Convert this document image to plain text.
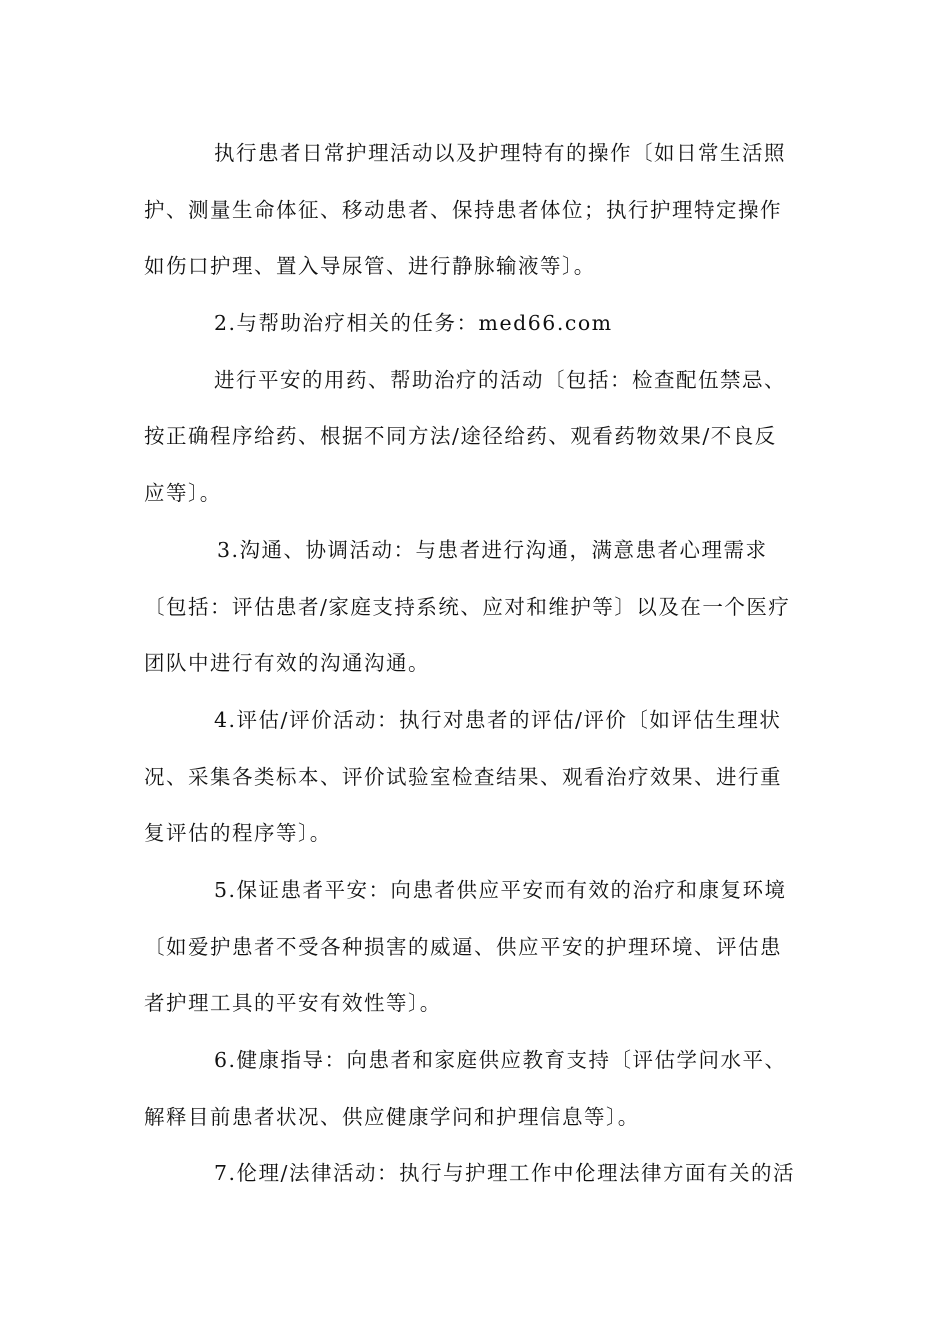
执行患者日常护理活动以及护理特有的操作〔如日常生活照
护、测量生命体征、移动患者、保持患者体位；执行护理特定操作
如伤口护理、置入导尿管、进行静脉输液等〕。
2.与帮助治疗相关的任务：med66.com
进行平安的用药、帮助治疗的活动〔包括：检查配伍禁忌、
按正确程序给药、根据不同方法/途径给药、观看药物效果/不良反
应等〕。
3.沟通、协调活动：与患者进行沟通，满意患者心理需求
〔包括：评估患者/家庭支持系统、应对和维护等〕以及在一个医疗
团队中进行有效的沟通沟通。
4.评估/评价活动：执行对患者的评估/评价〔如评估生理状
况、采集各类标本、评价试验室检查结果、观看治疗效果、进行重
复评估的程序等〕。
5.保证患者平安：向患者供应平安而有效的治疗和康复环境
〔如爱护患者不受各种损害的威逼、供应平安的护理环境、评估患
者护理工具的平安有效性等〕。
6.健康指导：向患者和家庭供应教育支持〔评估学问水平、
解释目前患者状况、供应健康学问和护理信息等〕。
7.伦理/法律活动：执行与护理工作中伦理法律方面有关的活
